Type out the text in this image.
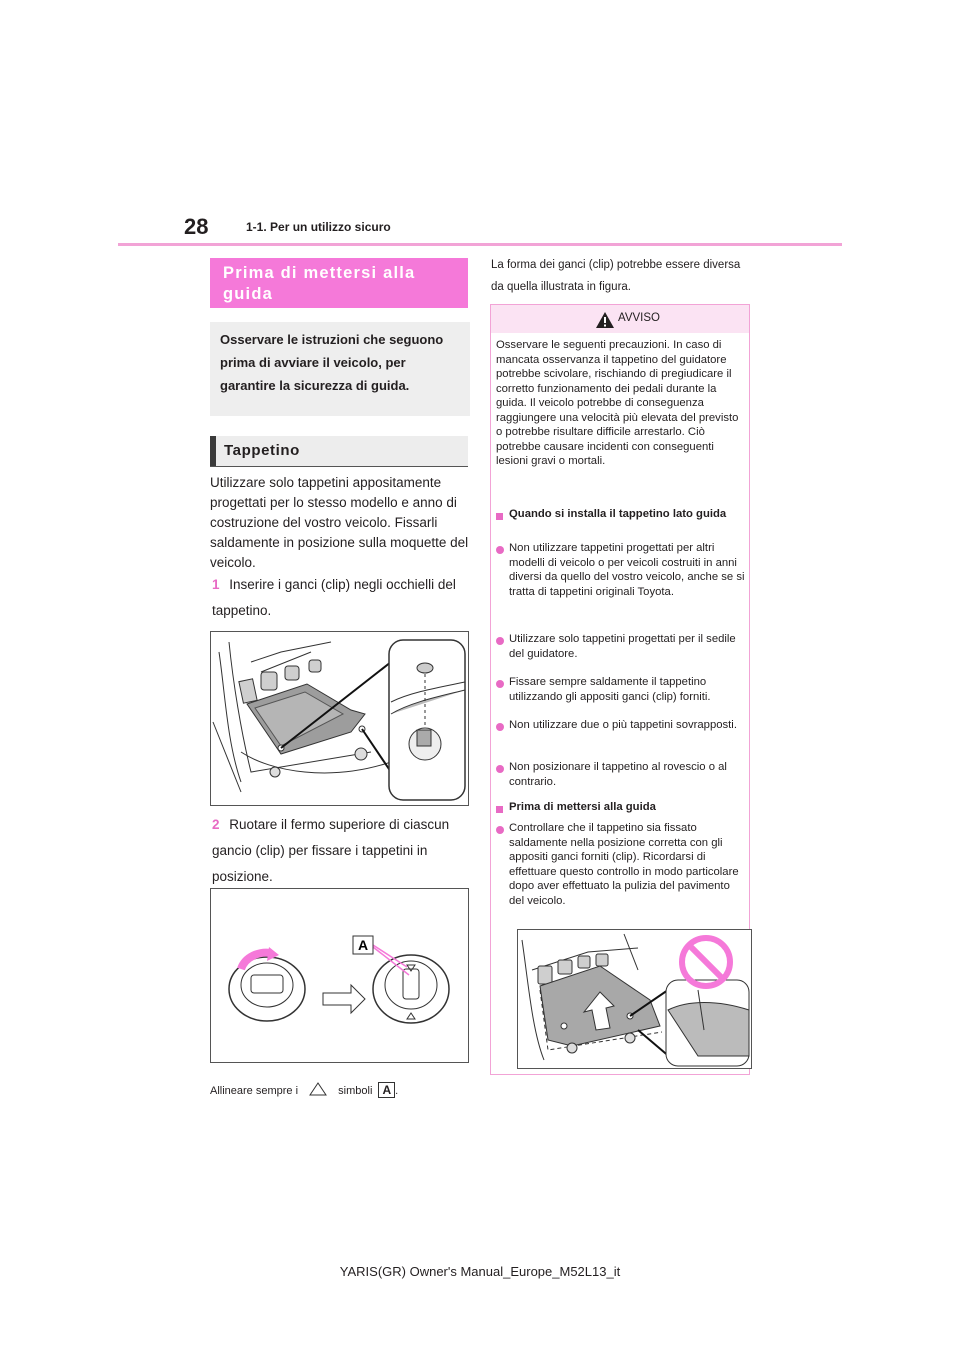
28	1-1. Per un utilizzo sicuro
Prima di mettersi alla guida
Osservare le istruzioni che seguono prima di avviare il veicolo, per garantire la sicurezza di guida.
Tappetino
Utilizzare solo tappetini appositamente progettati per lo stesso modello e anno di costruzione del vostro veicolo. Fissarli saldamente in posizione sulla moquette del veicolo.
1 Inserire i ganci (clip) negli occhielli del tappetino.
2 Ruotare il fermo superiore di ciascun gancio (clip) per fissare i tappetini in posizione.
A
Allineare sempre i	simboli A .
La forma dei ganci (clip) potrebbe essere diversa da quella illustrata in figura.
AVVISO
Osservare le seguenti precauzioni. In caso di mancata osservanza il tappetino del guidatore potrebbe scivolare, rischiando di pregiudicare il corretto funzionamento dei pedali durante la guida. Il veicolo potrebbe di conseguenza raggiungere una velocità più elevata del previsto o potrebbe risultare difficile arrestarlo. Ciò potrebbe causare incidenti con conseguenti lesioni gravi o mortali.
Quando si installa il tappetino lato guida
Non utilizzare tappetini progettati per altri modelli di veicolo o per veicoli costruiti in anni diversi da quello del vostro veicolo, anche se si tratta di tappetini originali Toyota.
Utilizzare solo tappetini progettati per il sedile del guidatore.
Fissare sempre saldamente il tappetino utilizzando gli appositi ganci (clip) forniti.
Non utilizzare due o più tappetini sovrapposti.
Non posizionare il tappetino al rovescio o al contrario.
Prima di mettersi alla guida
Controllare che il tappetino sia fissato saldamente nella posizione corretta con gli appositi ganci forniti (clip). Ricordarsi di effettuare questo controllo in modo particolare dopo aver effettuato la pulizia del pavimento del veicolo.
YARIS(GR) Owner's Manual_Europe_M52L13_it
